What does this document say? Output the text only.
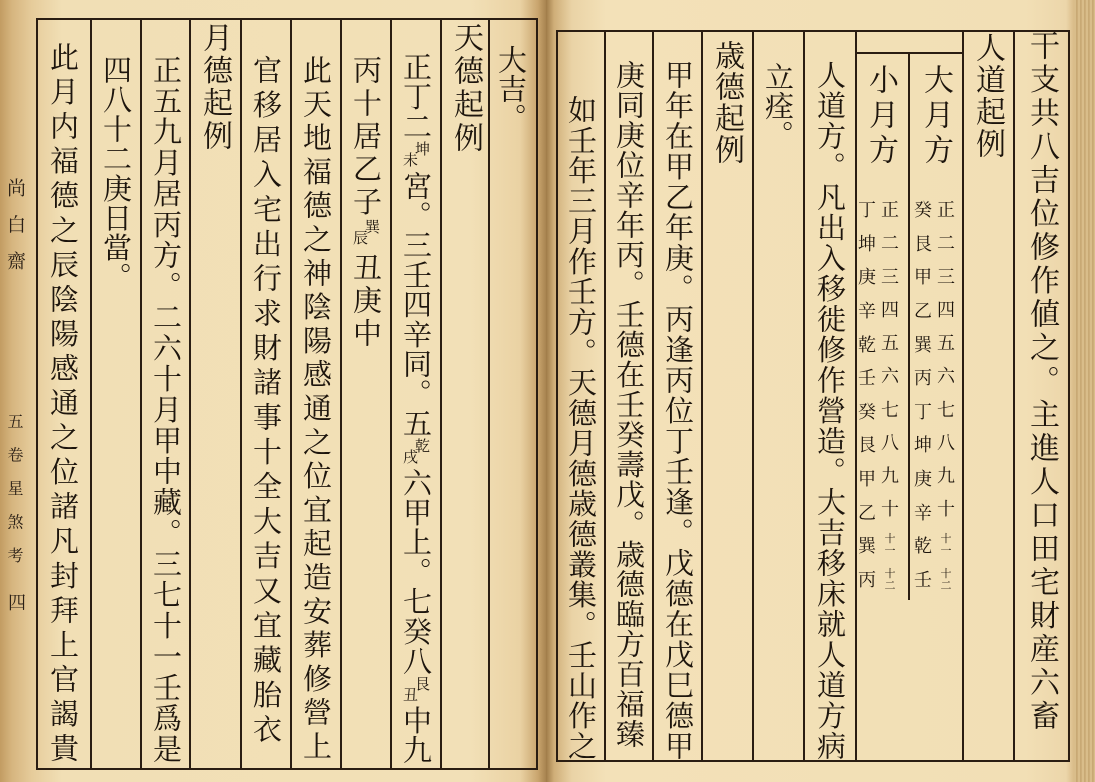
干支共八吉位修作値之。主進人口田宅財産六畜
人道起例
大月方
正
二
三
四
五
六
七
八
九
十
十一
十二
癸
艮
甲
乙
巽
丙
丁
坤
庚
辛
乾
壬
小月方
正
二
三
四
五
六
七
八
九
十
十一
十二
丁
坤
庚
辛
乾
壬
癸
艮
甲
乙
巽
丙
人道方。凡出入移徙修作營造。大吉移床就人道方病
立痊。
歳德起例
甲年在甲乙年庚。丙逢丙位丁壬逢。戊德在戊巳德甲
庚同庚位辛年丙。壬德在壬癸壽戊。歳德臨方百福臻
如壬年三月作壬方。天德月德歳德叢集。壬山作之
大吉。
天德起例
正丁二
坤
未
宮。三壬四辛同。五
乾
戌
六甲上。七癸八
艮
丑
中九
丙十居乙子
巽
辰
丑庚中
此天地福德之神陰陽感通之位宜起造安葬修營上
官移居入宅出行求財諸事十全大吉又宜藏胎衣
月德起例
正五九月居丙方。二六十月甲中藏。三七十一壬爲是
四八十二庚日當。
此月内福德之辰陰陽感通之位諸凡封拜上官謁貴
尚白齋
五卷星煞考
四
